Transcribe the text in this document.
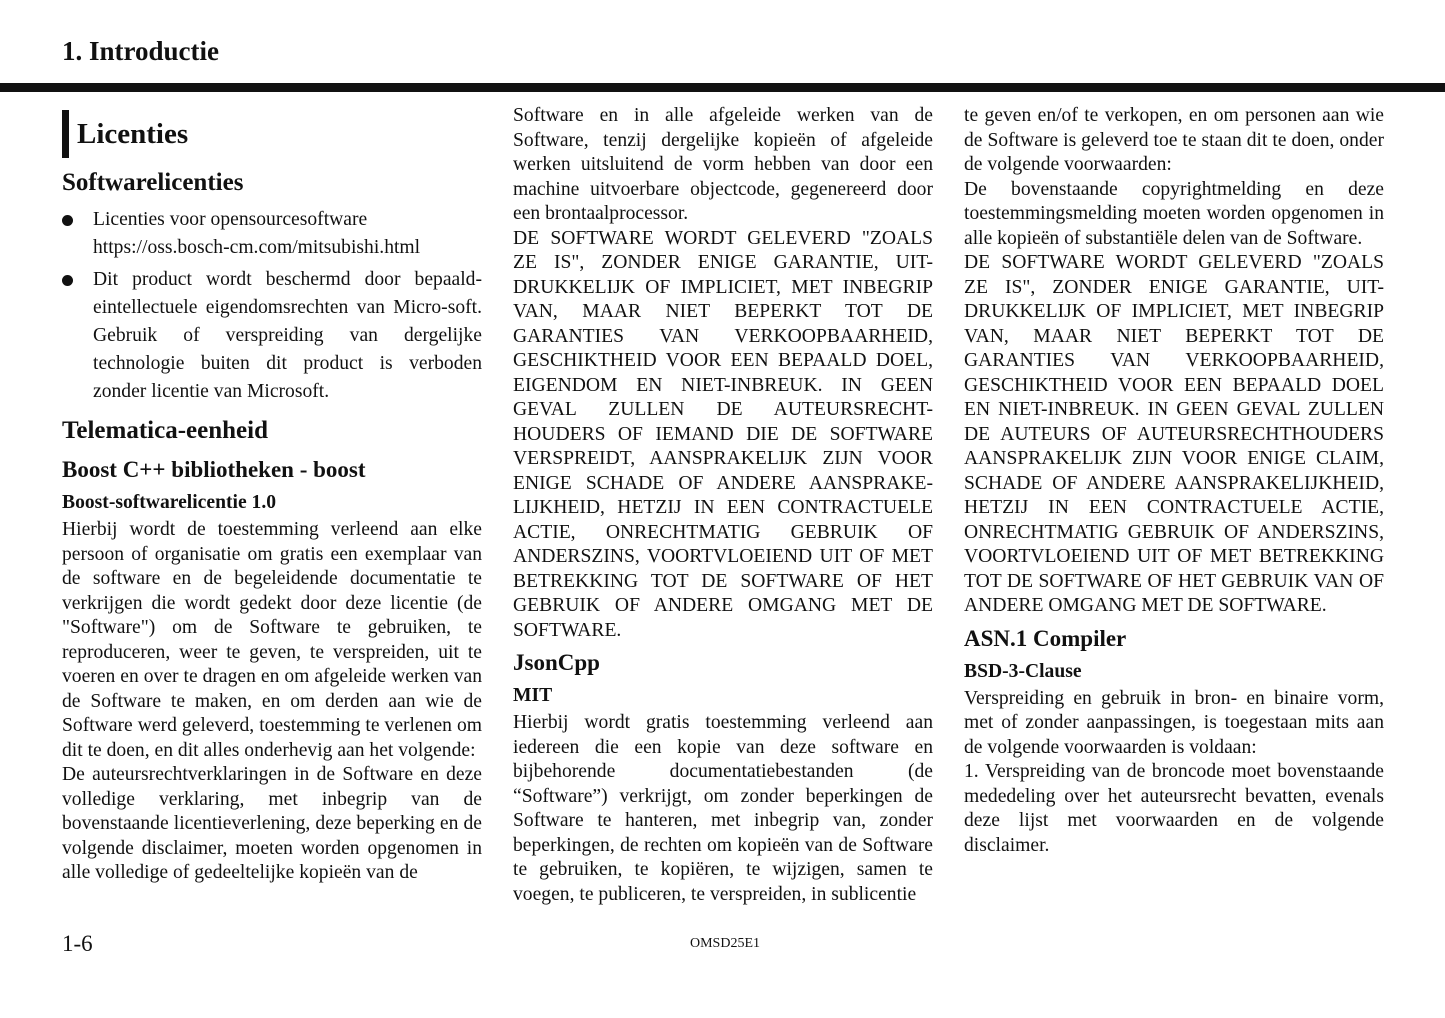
1. Introductie
Licenties
Softwarelicenties
Licenties voor opensourcesoftware https://oss.bosch-cm.com/mitsubishi.html
Dit product wordt beschermd door bepaald-eintellectuele eigendomsrechten van Micro-soft. Gebruik of verspreiding van dergelijke technologie buiten dit product is verboden zonder licentie van Microsoft.
Telematica-eenheid
Boost C++ bibliotheken - boost
Boost-softwarelicentie 1.0

Hierbij wordt de toestemming verleend aan elke persoon of organisatie om gratis een exemplaar van de software en de begeleidende documentatie te verkrijgen die wordt gedekt door deze licentie (de "Software") om de Software te gebruiken, te reproduceren, weer te geven, te verspreiden, uit te voeren en over te dragen en om afgeleide werken van de Software te maken, en om derden aan wie de Software werd geleverd, toestemming te verlenen om dit te doen, en dit alles onderhevig aan het volgende:

De auteursrechtverklaringen in de Software en deze volledige verklaring, met inbegrip van de bovenstaande licentieverlening, deze beperking en de volgende disclaimer, moeten worden opgenomen in alle volledige of gedeeltelijke kopieën van de

Software en in alle afgeleide werken van de Software, tenzij dergelijke kopieën of afgeleide werken uitsluitend de vorm hebben van door een machine uitvoerbare objectcode, gegenereerd door een brontaalprocessor.

DE SOFTWARE WORDT GELEVERD "ZOALS ZE IS", ZONDER ENIGE GARANTIE, UIT-DRUKKELIJK OF IMPLICIET, MET INBEGRIP VAN, MAAR NIET BEPERKT TOT DE GARANTIES VAN VERKOOPBAARHEID, GESCHIKTHEID VOOR EEN BEPAALD DOEL, EIGENDOM EN NIET-INBREUK. IN GEEN GEVAL ZULLEN DE AUTEURSRECHT-HOUDERS OF IEMAND DIE DE SOFTWARE VERSPREIDT, AANSPRAKELIJK ZIJN VOOR ENIGE SCHADE OF ANDERE AANSPRAKE-LIJKHEID, HETZIJ IN EEN CONTRACTUELE ACTIE, ONRECHTMATIG GEBRUIK OF ANDERSZINS, VOORTVLOEIEND UIT OF MET BETREKKING TOT DE SOFTWARE OF HET GEBRUIK OF ANDERE OMGANG MET DE SOFTWARE.

JsonCpp
MIT

Hierbij wordt gratis toestemming verleend aan iedereen die een kopie van deze software en bijbehorende documentatiebestanden (de “Software”) verkrijgt, om zonder beperkingen de Software te hanteren, met inbegrip van, zonder beperkingen, de rechten om kopieën van de Software te gebruiken, te kopiëren, te wijzigen, samen te voegen, te publiceren, te verspreiden, in sublicentie

te geven en/of te verkopen, en om personen aan wie de Software is geleverd toe te staan dit te doen, onder de volgende voorwaarden:

De bovenstaande copyrightmelding en deze toestemmingsmelding moeten worden opgenomen in alle kopieën of substantiële delen van de Software.

DE SOFTWARE WORDT GELEVERD "ZOALS ZE IS", ZONDER ENIGE GARANTIE, UIT-DRUKKELIJK OF IMPLICIET, MET INBEGRIP VAN, MAAR NIET BEPERKT TOT DE GARANTIES VAN VERKOOPBAARHEID, GESCHIKTHEID VOOR EEN BEPAALD DOEL EN NIET-INBREUK. IN GEEN GEVAL ZULLEN DE AUTEURS OF AUTEURSRECHTHOUDERS AANSPRAKELIJK ZIJN VOOR ENIGE CLAIM, SCHADE OF ANDERE AANSPRAKELIJKHEID, HETZIJ IN EEN CONTRACTUELE ACTIE, ONRECHTMATIG GEBRUIK OF ANDERSZINS, VOORTVLOEIEND UIT OF MET BETREKKING TOT DE SOFTWARE OF HET GEBRUIK VAN OF ANDERE OMGANG MET DE SOFTWARE.

ASN.1 Compiler
BSD-3-Clause

Verspreiding en gebruik in bron- en binaire vorm, met of zonder aanpassingen, is toegestaan mits aan de volgende voorwaarden is voldaan:

1. Verspreiding van de broncode moet bovenstaande mededeling over het auteursrecht bevatten, evenals deze lijst met voorwaarden en de volgende disclaimer.

1-6	OMSD25E1
